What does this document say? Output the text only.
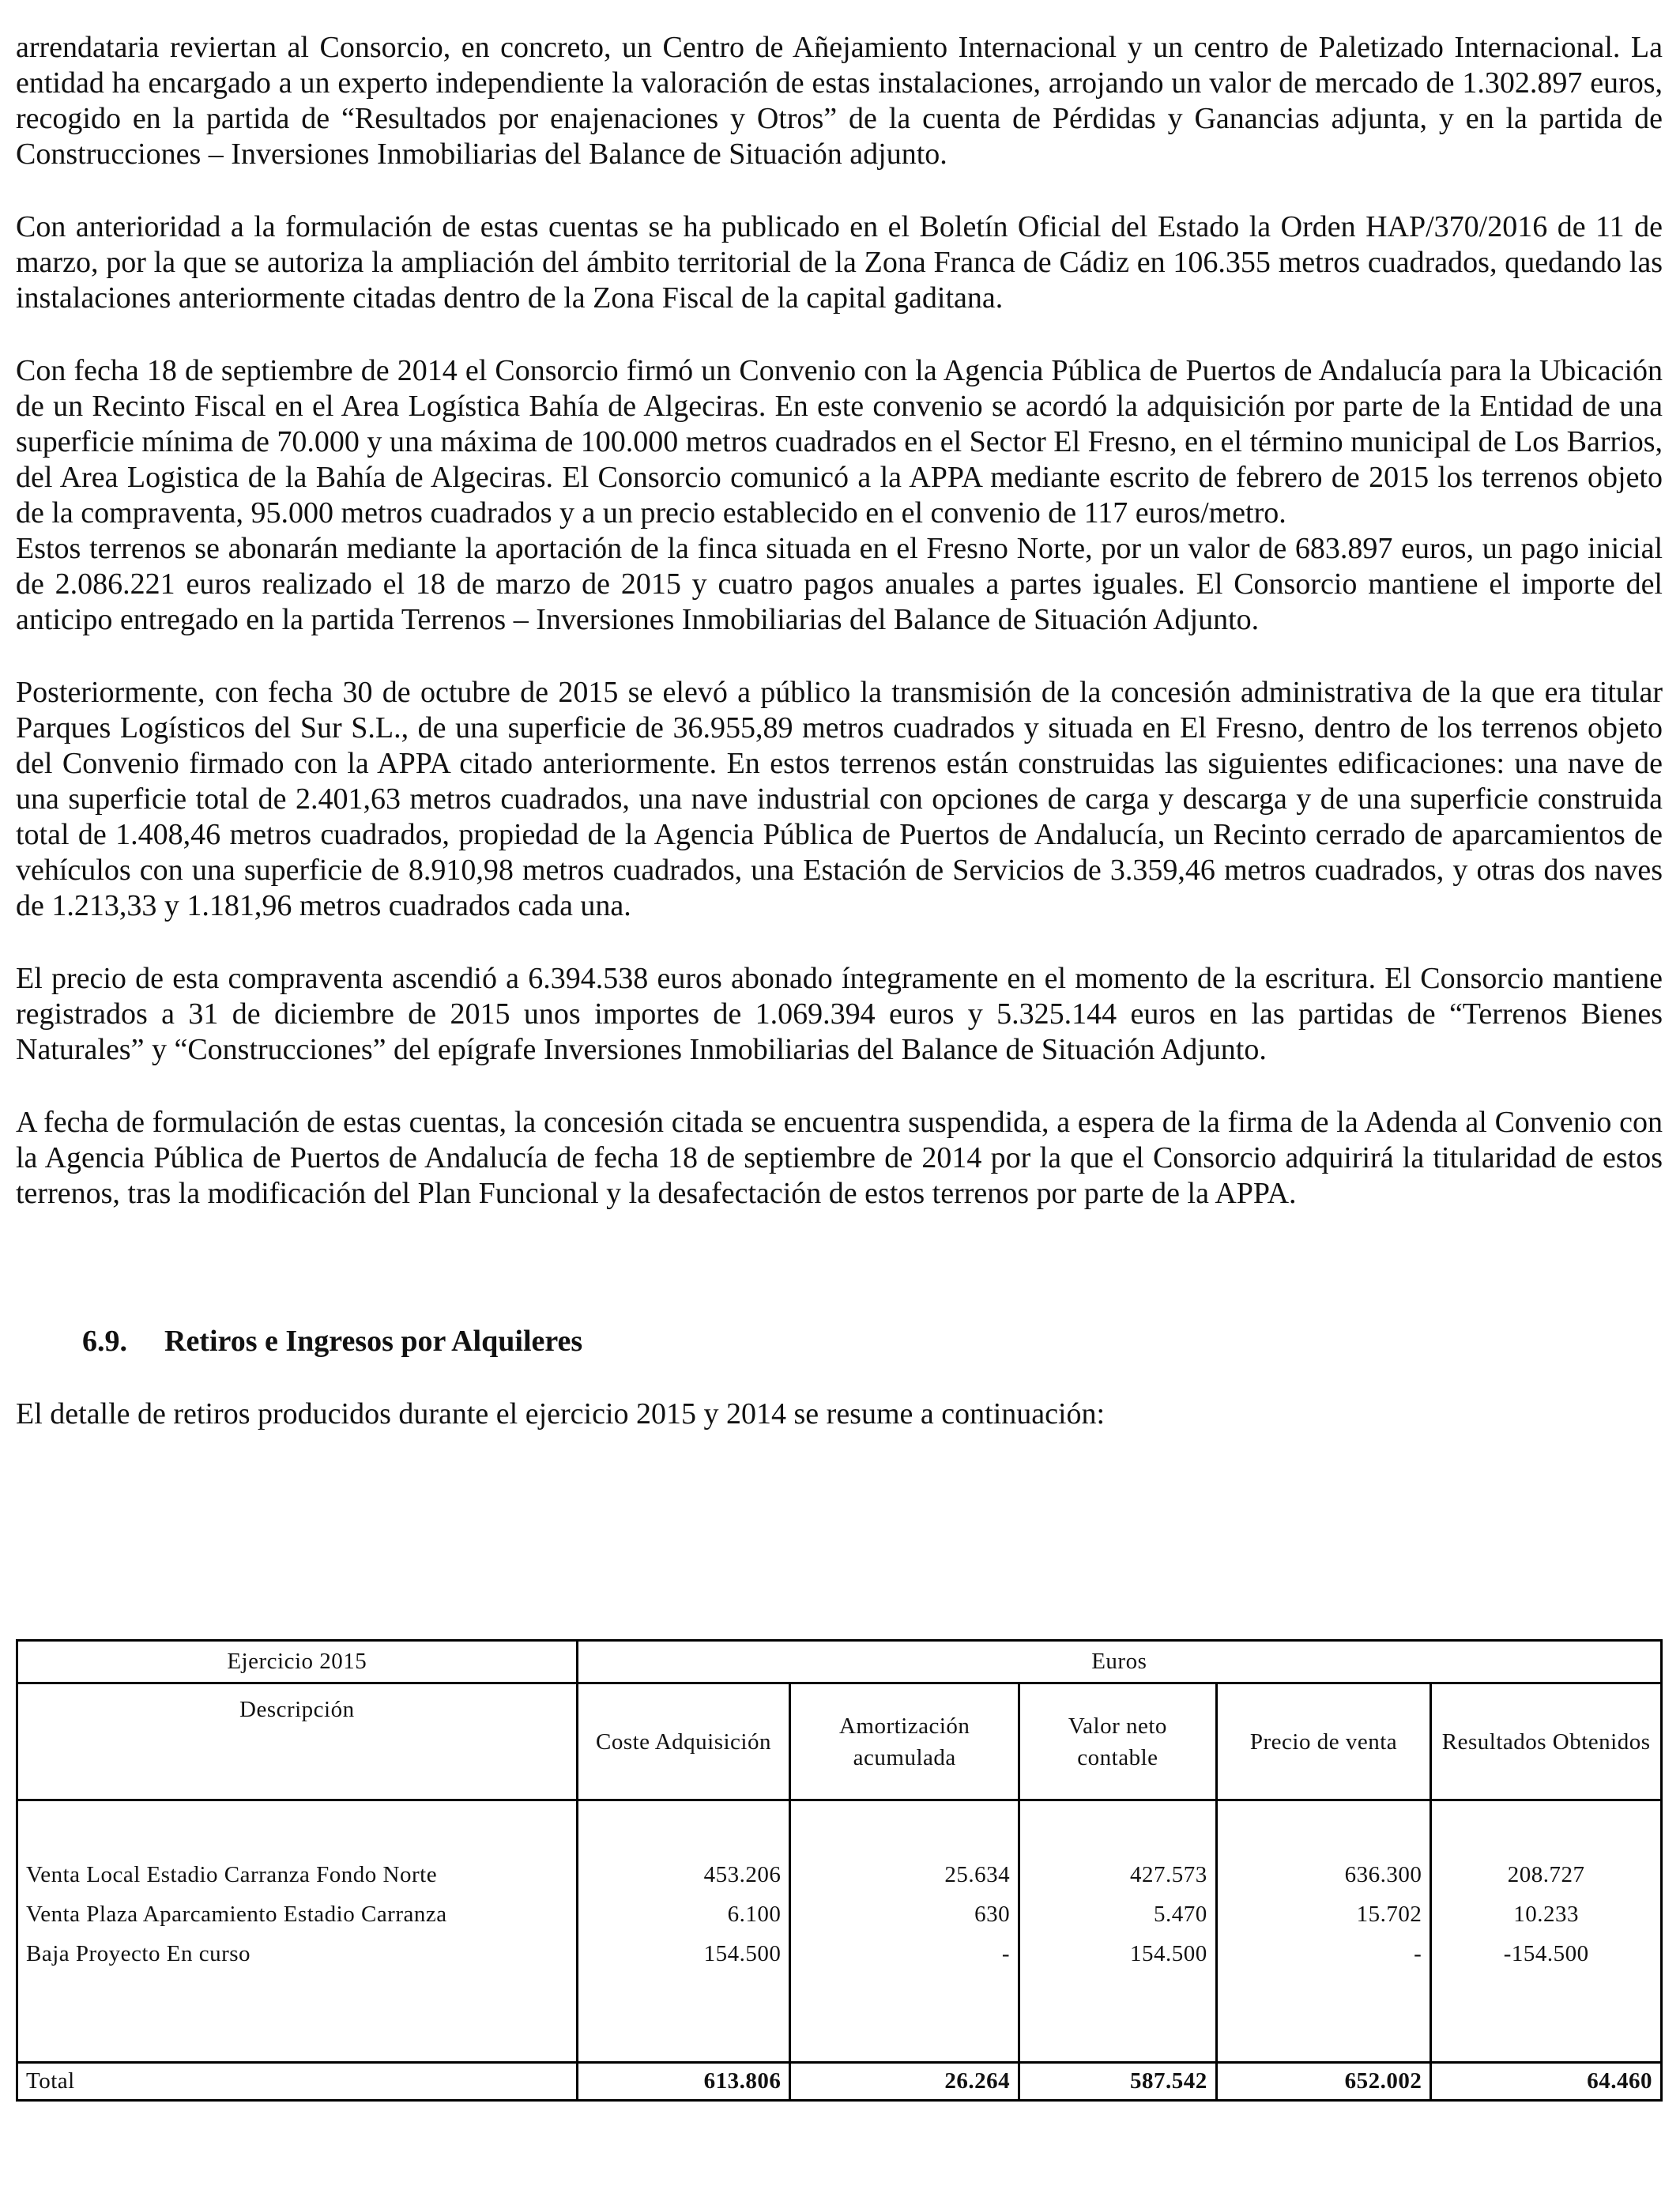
arrendataria reviertan al Consorcio, en concreto, un Centro de Añejamiento Internacional y un centro de Paletizado Internacional. La entidad ha encargado a un experto independiente la valoración de estas instalaciones, arrojando un valor de mercado de 1.302.897 euros, recogido en la partida de “Resultados por enajenaciones y Otros” de la cuenta de Pérdidas y Ganancias adjunta, y en la partida de Construcciones – Inversiones Inmobiliarias del Balance de Situación adjunto.

Con anterioridad a la formulación de estas cuentas se ha publicado en el Boletín Oficial del Estado la Orden HAP/370/2016 de 11 de marzo, por la que se autoriza la ampliación del ámbito territorial de la Zona Franca de Cádiz en 106.355 metros cuadrados, quedando las instalaciones anteriormente citadas dentro de la Zona Fiscal de la capital gaditana.

Con fecha 18 de septiembre de 2014 el Consorcio firmó un Convenio con la Agencia Pública de Puertos de Andalucía para la Ubicación de un Recinto Fiscal en el Area Logística Bahía de Algeciras. En este convenio se acordó la adquisición por parte de la Entidad de una superficie mínima de 70.000 y una máxima de 100.000 metros cuadrados en el Sector El Fresno, en el término municipal de Los Barrios, del Area Logistica de la Bahía de Algeciras. El Consorcio comunicó a la APPA mediante escrito de febrero de 2015 los terrenos objeto de la compraventa, 95.000 metros cuadrados y a un precio establecido en el convenio de 117 euros/metro.

Estos terrenos se abonarán mediante la aportación de la finca situada en el Fresno Norte, por un valor de 683.897 euros, un pago inicial de 2.086.221 euros realizado el 18 de marzo de 2015 y cuatro pagos anuales a partes iguales. El Consorcio mantiene el importe del anticipo entregado en la partida Terrenos – Inversiones Inmobiliarias del Balance de Situación Adjunto.

Posteriormente, con fecha 30 de octubre de 2015 se elevó a público la transmisión de la concesión administrativa de la que era titular Parques Logísticos del Sur S.L., de una superficie de 36.955,89 metros cuadrados y situada en El Fresno, dentro de los terrenos objeto del Convenio firmado con la APPA citado anteriormente. En estos terrenos están construidas las siguientes edificaciones: una nave de una superficie total de 2.401,63 metros cuadrados, una nave industrial con opciones de carga y descarga y de una superficie construida total de 1.408,46 metros cuadrados, propiedad de la Agencia Pública de Puertos de Andalucía, un Recinto cerrado de aparcamientos de vehículos con una superficie de 8.910,98 metros cuadrados, una Estación de Servicios de 3.359,46 metros cuadrados, y otras dos naves de 1.213,33 y 1.181,96 metros cuadrados cada una.

El precio de esta compraventa ascendió a 6.394.538 euros abonado íntegramente en el momento de la escritura. El Consorcio mantiene registrados a 31 de diciembre de 2015 unos importes de 1.069.394 euros y 5.325.144 euros en las partidas de “Terrenos Bienes Naturales” y “Construcciones” del epígrafe Inversiones Inmobiliarias del Balance de Situación Adjunto.

A fecha de formulación de estas cuentas, la concesión citada se encuentra suspendida, a espera de la firma de la Adenda al Convenio con la Agencia Pública de Puertos de Andalucía de fecha 18 de septiembre de 2014 por la que el Consorcio adquirirá la titularidad de estos terrenos, tras la modificación del Plan Funcional y la desafectación de estos terrenos por parte de la APPA.

6.9. Retiros e Ingresos por Alquileres

El detalle de retiros producidos durante el ejercicio 2015 y 2014 se resume a continuación:

Ejercicio 2015	Euros				
Descripción	Coste Adquisición	Amortización acumulada	Valor neto contable	Precio de venta	Resultados Obtenidos

Venta Local Estadio Carranza Fondo Norte	453.206	25.634	427.573	636.300	208.727
Venta Plaza Aparcamiento Estadio Carranza	6.100	630	5.470	15.702	10.233
Baja Proyecto En curso	154.500	-	154.500	-	-154.500

Total	613.806	26.264	587.542	652.002	64.460
